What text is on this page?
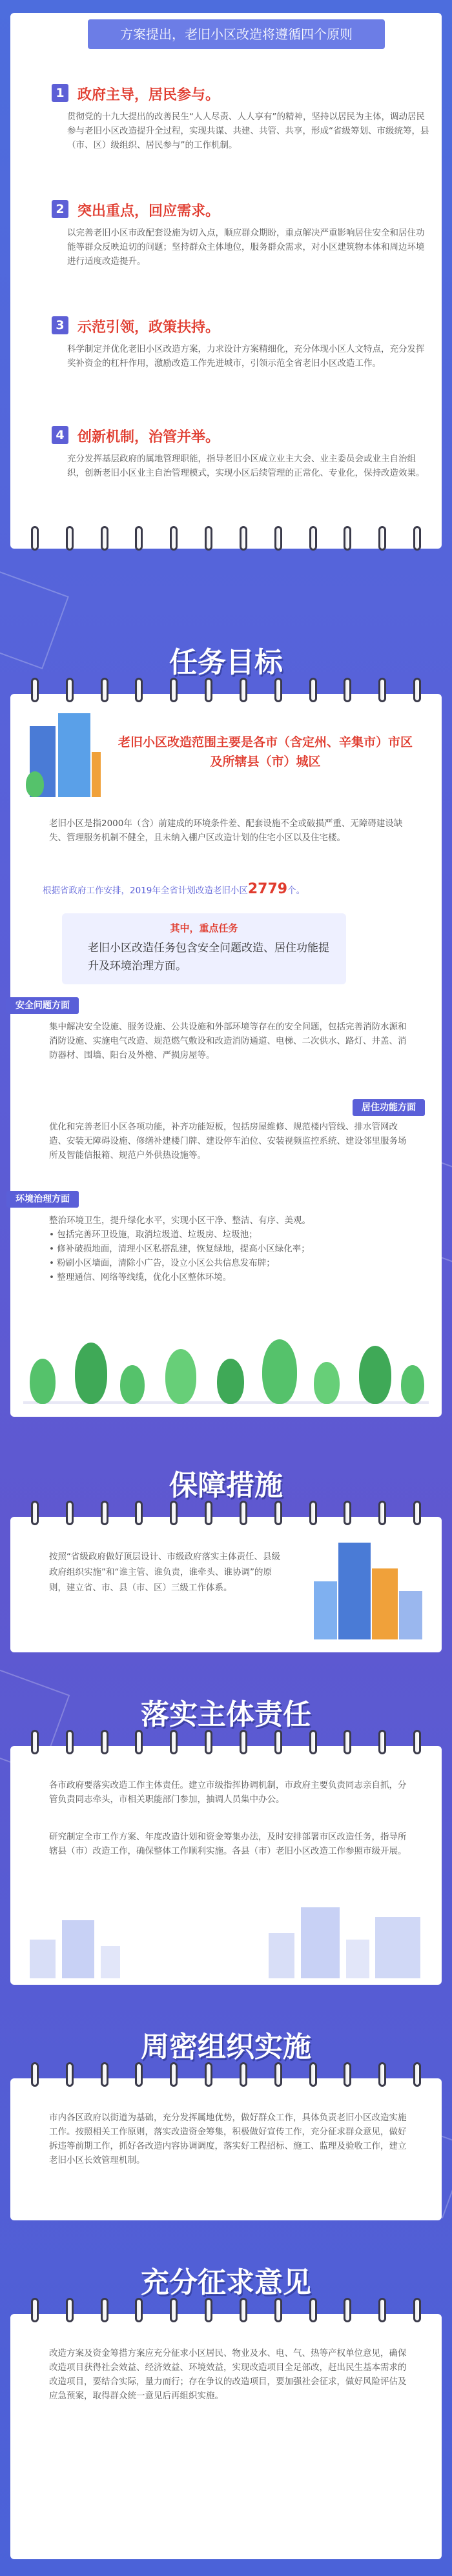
方案提出，老旧小区改造将遵循四个原则
1 政府主导，居民参与。
贯彻党的十九大提出的改善民生“人人尽责、人人享有”的精神，坚持以居民为主体，调动居民参与老旧小区改造提升全过程，实现共谋、共建、共管、共享，形成“省级筹划、市级统筹，县（市、区）级组织、居民参与”的工作机制。
2 突出重点，回应需求。
以完善老旧小区市政配套设施为切入点，顺应群众期盼，重点解决严重影响居住安全和居住功能等群众反映迫切的问题；坚持群众主体地位，服务群众需求，对小区建筑物本体和周边环境进行适度改造提升。
3 示范引领，政策扶持。
科学制定并优化老旧小区改造方案，力求设计方案精细化，充分体现小区人文特点，充分发挥奖补资金的杠杆作用，激励改造工作先进城市，引领示范全省老旧小区改造工作。
4 创新机制，治管并举。
充分发挥基层政府的属地管理职能，指导老旧小区成立业主大会、业主委员会或业主自治组织，创新老旧小区业主自治管理模式，实现小区后续管理的正常化、专业化，保持改造效果。
任务目标
老旧小区改造范围主要是各市（含定州、辛集市）市区及所辖县（市）城区
老旧小区是指2000年（含）前建成的环境条件差、配套设施不全或破损严重、无障碍建设缺失、管理服务机制不健全，且未纳入棚户区改造计划的住宅小区以及住宅楼。
根据省政府工作安排，2019年全省计划改造老旧小区2779个。
其中，重点任务
老旧小区改造任务包含安全问题改造、居住功能提升及环境治理方面。
安全问题方面
集中解决安全设施、服务设施、公共设施和外部环境等存在的安全问题，包括完善消防水源和消防设施、实施电气改造、规范燃气敷设和改造消防通道、电梯、二次供水、路灯、井盖、消防器材、围墙、阳台及外檐、严损房屋等。
居住功能方面
优化和完善老旧小区各项功能，补齐功能短板，包括房屋维修、规范楼内管线、排水管网改造、安装无障碍设施、修缮补建楼门牌、建设停车泊位、安装视频监控系统、建设邻里服务场所及智能信报箱、规范户外供热设施等。
环境治理方面
整治环境卫生，提升绿化水平，实现小区干净、整洁、有序、美观。
• 包括完善环卫设施，取消垃圾道、垃圾房、垃圾池；
• 修补破损地面，清理小区私搭乱建，恢复绿地，提高小区绿化率；
• 粉刷小区墙面，清除小广告，设立小区公共信息发布牌；
• 整理通信、网络等线缆，优化小区整体环境。
保障措施
按照“省级政府做好顶层设计、市级政府落实主体责任、县级政府组织实施”和“谁主管、谁负责，谁牵头、谁协调”的原则，建立省、市、县（市、区）三级工作体系。
落实主体责任
各市政府要落实改造工作主体责任。建立市级指挥协调机制，市政府主要负责同志亲自抓，分管负责同志牵头，市相关职能部门参加，抽调人员集中办公。
研究制定全市工作方案、年度改造计划和资金筹集办法，及时安排部署市区改造任务，指导所辖县（市）改造工作，确保整体工作顺利实施。各县（市）老旧小区改造工作参照市级开展。
周密组织实施
市内各区政府以街道为基础，充分发挥属地优势，做好群众工作，具体负责老旧小区改造实施工作。按照相关工作原则，落实改造资金筹集，积极做好宣传工作，充分征求群众意见，做好拆违等前期工作，抓好各改造内容协调调度，落实好工程招标、施工、监理及验收工作，建立老旧小区长效管理机制。
充分征求意见
改造方案及资金筹措方案应充分征求小区居民、物业及水、电、气、热等产权单位意见，确保改造项目获得社会效益、经济效益、环境效益，实现改造项目全足部改，赶出民生基本需求的改造项目，要结合实际，量力而行；存在争议的改造项目，要加强社会征求，做好风险评估及应急预案，取得群众统一意见后再组织实施。
